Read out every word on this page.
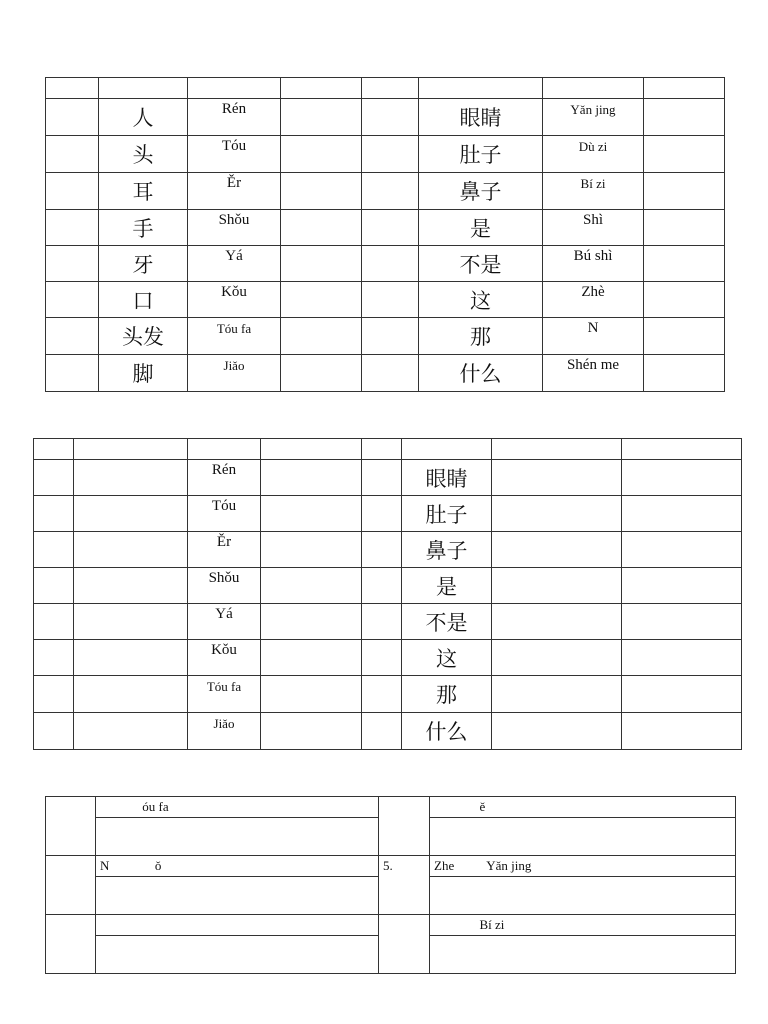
	人	Rén			眼睛	Yǎn jing	
	头	Tóu			肚子	Dù zi	
	耳	Ěr			鼻子	Bí zi	
	手	Shǒu			是	Shì	
	牙	Yá			不是	Bú shì	
	口	Kǒu			这	Zhè	
	头发	Tóu fa			那	N	
	脚	Jiǎo			什么	Shén me	

		Rén			眼睛		
		Tóu			肚子		
		Ěr			鼻子		
		Shǒu			是		
		Yá			不是		
		Kǒu			这		
		Tóu fa			那		
		Jiǎo			什么		
	óu fa		ě

	N              ǒ	5.	Zhe          Yǎn jing

			Bí zi
